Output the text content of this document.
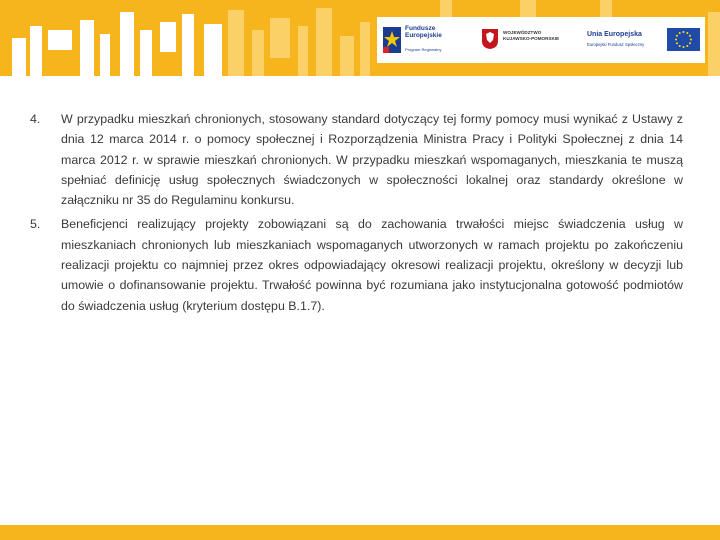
Fundusze
Europejskie
Program Regionalny
WOJEWÓDZTWO
KUJAWSKO-POMORSKIE
Unia Europejska
Europejski Fundusz Społeczny
4.	W przypadku mieszkań chronionych, stosowany standard dotyczący tej formy pomocy musi wynikać z Ustawy z dnia 12 marca 2014 r. o pomocy społecznej i Rozporządzenia Ministra Pracy i Polityki Społecznej z dnia 14 marca 2012 r. w sprawie mieszkań chronionych. W przypadku mieszkań wspomaganych, mieszkania te muszą spełniać definicję usług społecznych świadczonych w społeczności lokalnej oraz standardy określone w załączniku nr 35 do Regulaminu konkursu.
5.	Beneficjenci realizujący projekty zobowiązani są do zachowania trwałości miejsc świadczenia usług w mieszkaniach chronionych lub mieszkaniach wspomaganych utworzonych w ramach projektu po zakończeniu realizacji projektu co najmniej przez okres odpowiadający okresowi realizacji projektu, określony w decyzji lub umowie o dofinansowanie projektu. Trwałość powinna być rozumiana jako instytucjonalna gotowość podmiotów do świadczenia usług (kryterium dostępu B.1.7).
